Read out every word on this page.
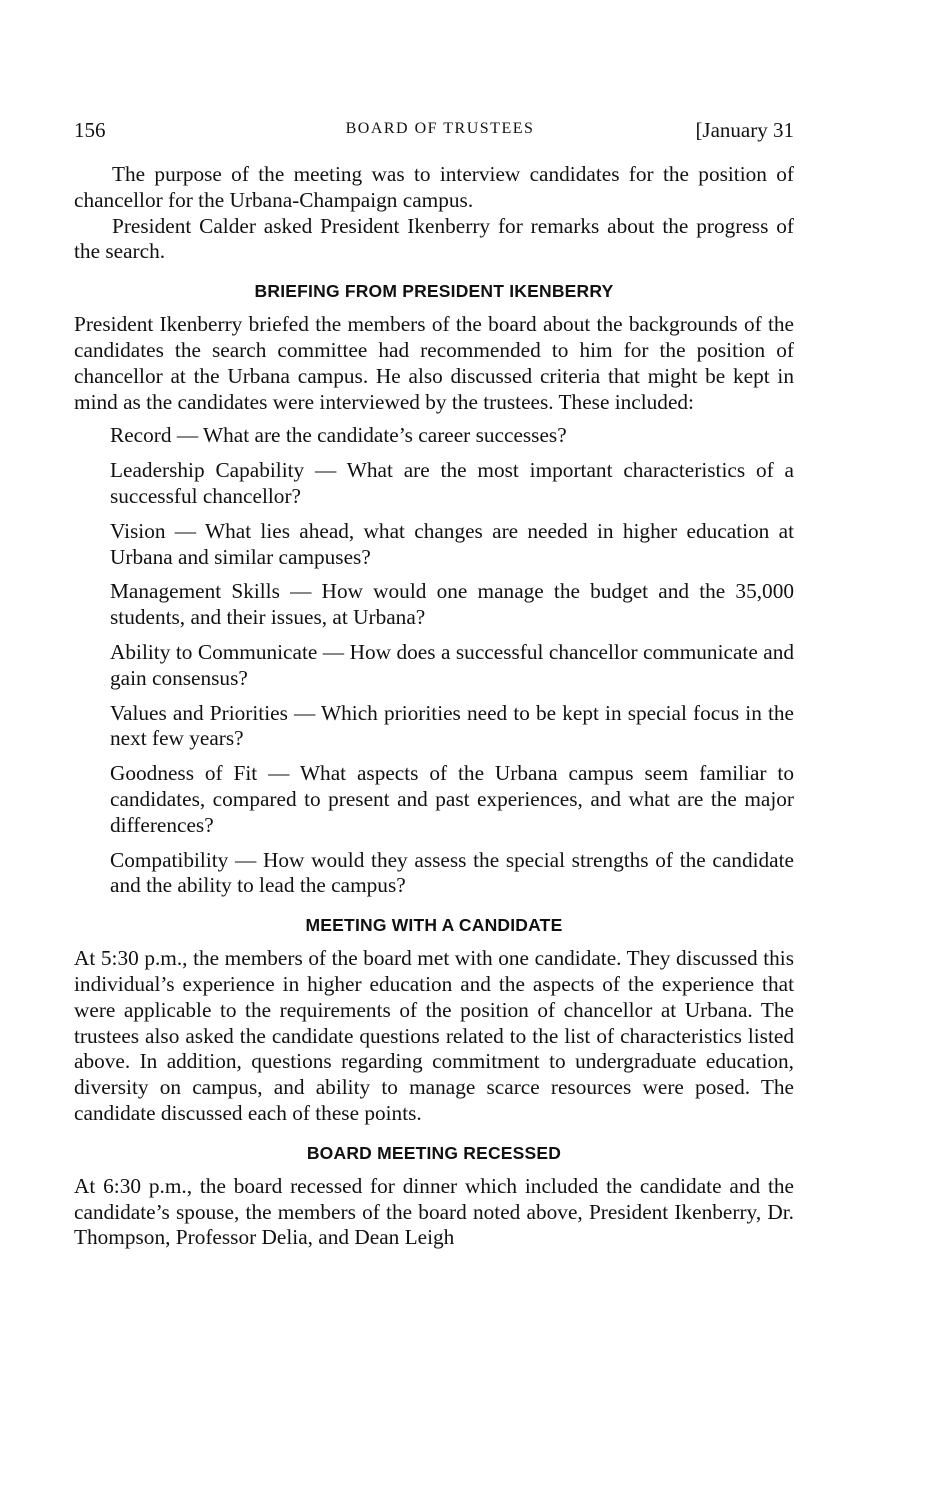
156	BOARD OF TRUSTEES	[January 31

The purpose of the meeting was to interview candidates for the position of chancellor for the Urbana-Champaign campus.

President Calder asked President Ikenberry for remarks about the progress of the search.

BRIEFING FROM PRESIDENT IKENBERRY

President Ikenberry briefed the members of the board about the backgrounds of the candidates the search committee had recommended to him for the position of chancellor at the Urbana campus. He also discussed criteria that might be kept in mind as the candidates were interviewed by the trustees. These included:

Record — What are the candidate’s career successes?

Leadership Capability — What are the most important characteristics of a successful chancellor?

Vision — What lies ahead, what changes are needed in higher education at Urbana and similar campuses?

Management Skills — How would one manage the budget and the 35,000 students, and their issues, at Urbana?

Ability to Communicate — How does a successful chancellor communicate and gain consensus?

Values and Priorities — Which priorities need to be kept in special focus in the next few years?

Goodness of Fit — What aspects of the Urbana campus seem familiar to candidates, compared to present and past experiences, and what are the major differences?

Compatibility — How would they assess the special strengths of the candidate and the ability to lead the campus?

MEETING WITH A CANDIDATE

At 5:30 p.m., the members of the board met with one candidate. They discussed this individual’s experience in higher education and the aspects of the experience that were applicable to the requirements of the position of chancellor at Urbana. The trustees also asked the candidate questions related to the list of characteristics listed above. In addition, questions regarding commitment to undergraduate education, diversity on campus, and ability to manage scarce resources were posed. The candidate discussed each of these points.

BOARD MEETING RECESSED

At 6:30 p.m., the board recessed for dinner which included the candidate and the candidate’s spouse, the members of the board noted above, President Ikenberry, Dr. Thompson, Professor Delia, and Dean Leigh
